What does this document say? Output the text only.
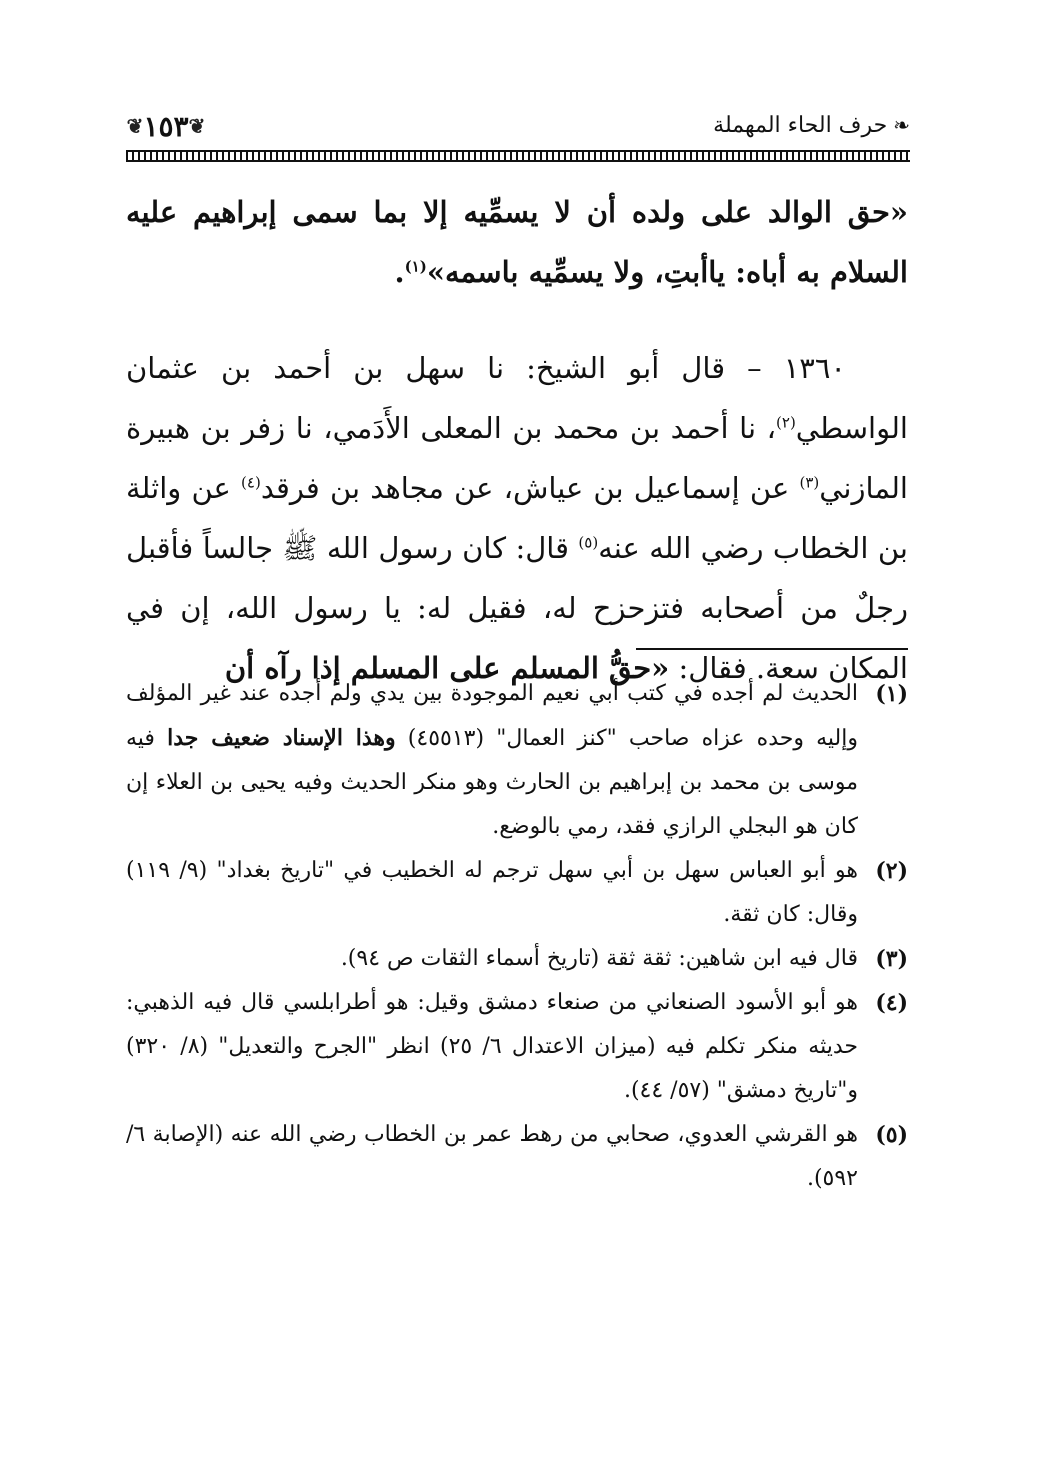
❦ ١٥٣ ❦	❧
حرف الحاء المهملة

«حق الوالد على ولده أن لا يسمِّيه إلا بما سمى إبراهيم عليه السلام به أباه: ياأبتِ، ولا يسمِّيه باسمه»$^{(١)}$.

١٣٦٠ – قال أبو الشيخ: نا سهل بن أحمد بن عثمان الواسطي$^{(٢)}$، نا أحمد بن محمد بن المعلى الأَدَمي، نا زفر بن هبيرة المازني$^{(٣)}$ عن إسماعيل بن عياش، عن مجاهد بن فرقد$^{(٤)}$ عن واثلة بن الخطاب رضي الله عنه$^{(٥)}$ قال: كان رسول الله ﷺ جالساً فأقبل رجلٌ من أصحابه فتزحزح له، فقيل له: يا رسول الله، إن في المكان سعة. فقال: «حقُّ المسلم على المسلم إذا رآه أن

(١)
الحديث لم أجده في كتب أبي نعيم الموجودة بين يدي ولم أجده عند غير المؤلف وإليه وحده عزاه صاحب "كنز العمال" (٤٥٥١٣) وهذا الإسناد ضعيف جدا فيه موسى بن محمد بن إبراهيم بن الحارث وهو منكر الحديث وفيه يحيى بن العلاء إن كان هو البجلي الرازي فقد، رمي بالوضع.
(٢)
هو أبو العباس سهل بن أبي سهل ترجم له الخطيب في "تاريخ بغداد" (٩/ ١١٩) وقال: كان ثقة.
(٣)
قال فيه ابن شاهين: ثقة ثقة (تاريخ أسماء الثقات ص ٩٤).
(٤)
هو أبو الأسود الصنعاني من صنعاء دمشق وقيل: هو أطرابلسي قال فيه الذهبي: حديثه منكر تكلم فيه (ميزان الاعتدال ٦/ ٢٥) انظر "الجرح والتعديل" (٨/ ٣٢٠) و"تاريخ دمشق" (٥٧/ ٤٤).
(٥)
هو القرشي العدوي، صحابي من رهط عمر بن الخطاب رضي الله عنه (الإصابة ٦/ ٥٩٢).
